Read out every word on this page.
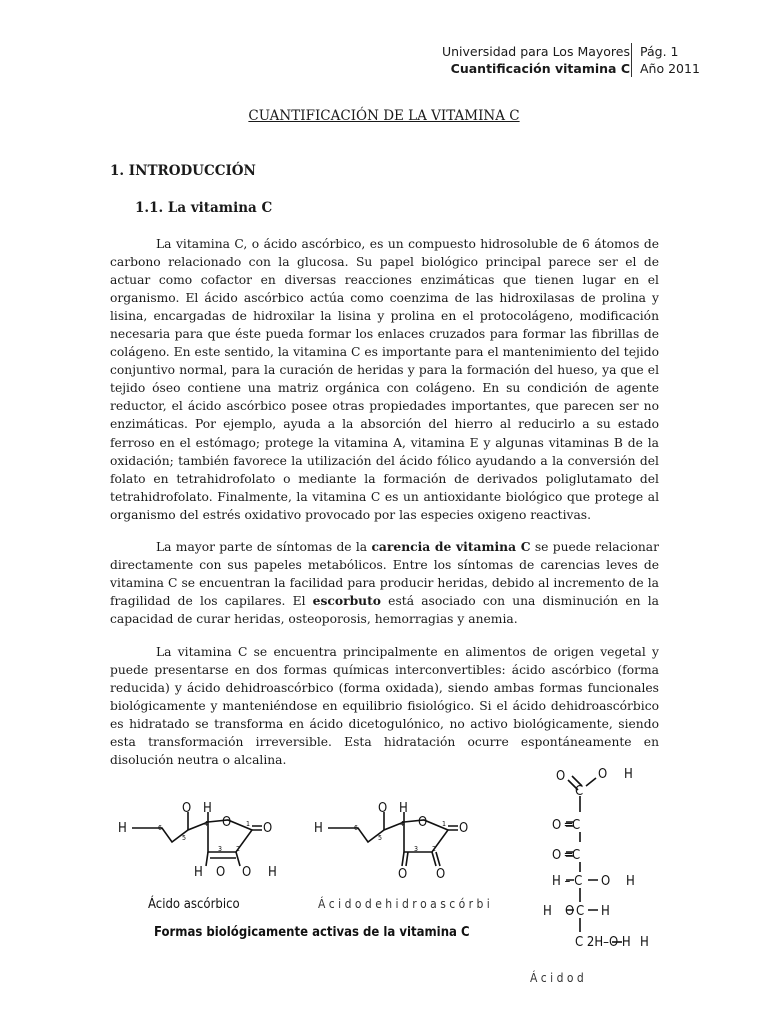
Universidad para Los Mayores
Cuantificación vitamina C
Pág. 1
Año 2011
CUANTIFICACIÓN DE LA VITAMINA C
1. INTRODUCCIÓN
1.1. La vitamina C

La vitamina C, o ácido ascórbico, es un compuesto hidrosoluble de 6 átomos de carbono relacionado con la glucosa. Su papel biológico principal parece ser el de actuar como cofactor en diversas reacciones enzimáticas que tienen lugar en el organismo. El ácido ascórbico actúa como coenzima de las hidroxilasas de prolina y lisina, encargadas de hidroxilar la lisina y prolina en el protocolágeno, modificación necesaria para que éste pueda formar los enlaces cruzados para formar las fibrillas de colágeno. En este sentido, la vitamina C es importante para el mantenimiento del tejido conjuntivo normal, para la curación de heridas y para la formación del hueso, ya que el tejido óseo contiene una matriz orgánica con colágeno. En su condición de agente reductor, el ácido ascórbico posee otras propiedades importantes, que parecen ser no enzimáticas. Por ejemplo, ayuda a la absorción del hierro al reducirlo a su estado ferroso en el estómago; protege la vitamina A, vitamina E y algunas vitaminas B de la oxidación; también favorece la utilización del ácido fólico ayudando a la conversión del folato en tetrahidrofolato o mediante la formación de derivados poliglutamato del tetrahidrofolato. Finalmente, la vitamina C es un antioxidante biológico que protege al organismo del estrés oxidativo provocado por las especies oxigeno reactivas.

La mayor parte de síntomas de la carencia de vitamina C se puede relacionar directamente con sus papeles metabólicos. Entre los síntomas de carencias leves de vitamina C se encuentran la facilidad para producir heridas, debido al incremento de la fragilidad de los capilares. El escorbuto está asociado con una disminución en la capacidad de curar heridas, osteoporosis, hemorragias y anemia.

La vitamina C se encuentra principalmente en alimentos de origen vegetal y puede presentarse en dos formas químicas interconvertibles: ácido ascórbico (forma reducida) y ácido dehidroascórbico (forma oxidada), siendo ambas formas funcionales biológicamente y manteniéndose en equilibrio fisiológico. Si el ácido dehidroascórbico es hidratado se transforma en ácido dicetogulónico, no activo biológicamente, siendo esta transformación irreversible. Esta hidratación ocurre espontáneamente en disolución neutra o alcalina.

H
O H
O O
H O O H
H
O H
O O
O O
O	O H
C
O ═C
O ═C
H – C O H
H O C H
C 2H–O H H
6
5
4	1
3 2
6
5
4	1
3 2
Ácido ascórbico	Á c i d o d e h i d r o a s c ó r b i
Formas biológicamente activas de la vitamina C
Á c i d o d
